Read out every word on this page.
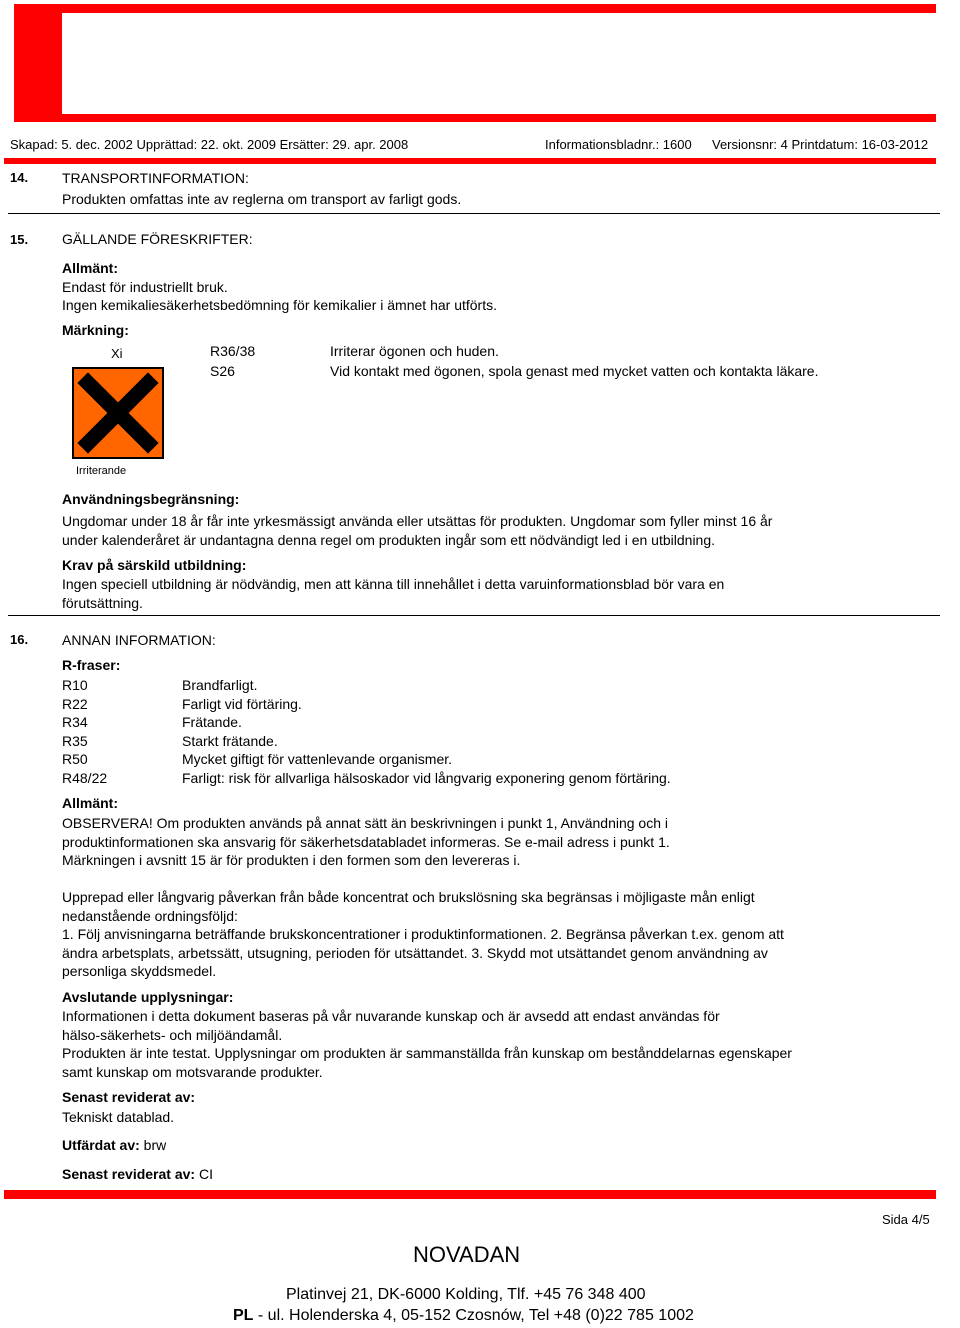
Skapad: 5. dec. 2002 Upprättad: 22. okt. 2009 Ersätter: 29. apr. 2008	Informationsbladnr.: 1600 Versionsnr: 4 Printdatum: 16-03-2012
14. TRANSPORTINFORMATION:
Produkten omfattas inte av reglerna om transport av farligt gods.
15. GÄLLANDE FÖRESKRIFTER:
Allmänt:
Endast för industriellt bruk.
Ingen kemikaliesäkerhetsbedömning för kemikalier i ämnet har utförts.
Märkning:
Xi
Irriterande
R36/38	Irriterar ögonen och huden.
S26	Vid kontakt med ögonen, spola genast med mycket vatten och kontakta läkare.
Användningsbegränsning:
Ungdomar under 18 år får inte yrkesmässigt använda eller utsättas för produkten. Ungdomar som fyller minst 16 år
under kalenderåret är undantagna denna regel om produkten ingår som ett nödvändigt led i en utbildning.
Krav på särskild utbildning:
Ingen speciell utbildning är nödvändig, men att känna till innehållet i detta varuinformationsblad bör vara en
förutsättning.
16. ANNAN INFORMATION:
R-fraser:
R10	Brandfarligt.
R22	Farligt vid förtäring.
R34	Frätande.
R35	Starkt frätande.
R50	Mycket giftigt för vattenlevande organismer.
R48/22	Farligt: risk för allvarliga hälsoskador vid långvarig exponering genom förtäring.
Allmänt:
OBSERVERA! Om produkten används på annat sätt än beskrivningen i punkt 1, Användning och i
produktinformationen ska ansvarig för säkerhetsdatabladet informeras. Se e-mail adress i punkt 1.
Märkningen i avsnitt 15 är för produkten i den formen som den levereras i.
Upprepad eller långvarig påverkan från både koncentrat och brukslösning ska begränsas i möjligaste mån enligt
nedanstående ordningsföljd:
1. Följ anvisningarna beträffande brukskoncentrationer i produktinformationen. 2. Begränsa påverkan t.ex. genom att
ändra arbetsplats, arbetssätt, utsugning, perioden för utsättandet. 3. Skydd mot utsättandet genom användning av
personliga skyddsmedel.
Avslutande upplysningar:
Informationen i detta dokument baseras på vår nuvarande kunskap och är avsedd att endast användas för
hälso-säkerhets- och miljöändamål.
Produkten är inte testat. Upplysningar om produkten är sammanställda från kunskap om bestånddelarnas egenskaper
samt kunskap om motsvarande produkter.
Senast reviderat av:
Tekniskt datablad.
Utfärdat av: brw
Senast reviderat av: CI
Sida 4/5
NOVADAN
Platinvej 21, DK-6000 Kolding, Tlf. +45 76 348 400
PL - ul. Holenderska 4, 05-152 Czosnów, Tel +48 (0)22 785 1002
